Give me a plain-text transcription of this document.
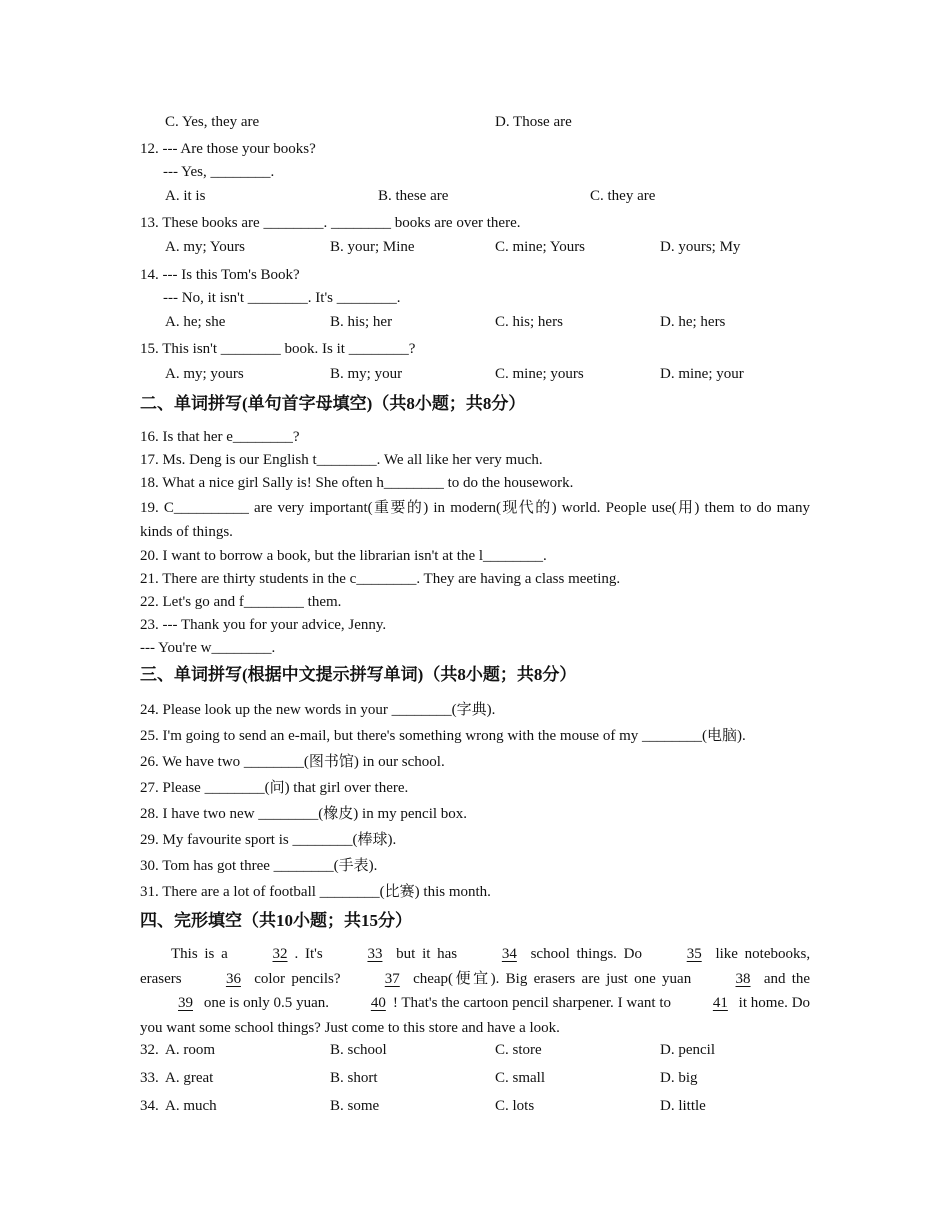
C. Yes, they are	D. Those are
12. --- Are those your books?
--- Yes, ________.
A. it is	B. these are	C. they are
13. These books are ________. ________ books are over there.
A. my; Yours	B. your; Mine	C. mine; Yours	D. yours; My
14. --- Is this Tom's Book?
--- No, it isn't ________. It's ________.
A. he; she	B. his; her	C. his; hers	D. he; hers
15. This isn't ________ book. Is it ________?
A. my; yours	B. my; your	C. mine; yours	D. mine; your
二、单词拼写(单句首字母填空)（共8小题；共8分）
16. Is that her e________?
17. Ms. Deng is our English t________. We all like her very much.
18. What a nice girl Sally is! She often h________ to do the housework.
19. C__________ are very important(重要的) in modern(现代的) world. People use(用) them to do many
kinds of things.
20. I want to borrow a book, but the librarian isn't at the l________.
21. There are thirty students in the c________. They are having a class meeting.
22. Let's go and f________ them.
23. --- Thank you for your advice, Jenny.
--- You're w________.
三、单词拼写(根据中文提示拼写单词)（共8小题；共8分）
24. Please look up the new words in your ________(字典).
25. I'm going to send an e-mail, but there's something wrong with the mouse of my ________(电脑).
26. We have two ________(图书馆) in our school.
27. Please ________(问) that girl over there.
28. I have two new ________(橡皮) in my pencil box.
29. My favourite sport is ________(棒球).
30. Tom has got three ________(手表).
31. There are a lot of football ________(比赛) this month.
四、完形填空（共10小题；共15分）
This is a	32 . It's	33 but it has	34 school things. Do	35 like notebooks, erasers	36 color pencils?	37 cheap(便宜). Big erasers are just one yuan	38 and the 39 one is only 0.5 yuan.	40 ! That's the cartoon pencil sharpener. I want to	41 it home. Do you want some school things? Just come to this store and have a look.
32. A. room	B. school	C. store	D. pencil
33. A. great	B. short	C. small	D. big
34. A. much	B. some	C. lots	D. little
